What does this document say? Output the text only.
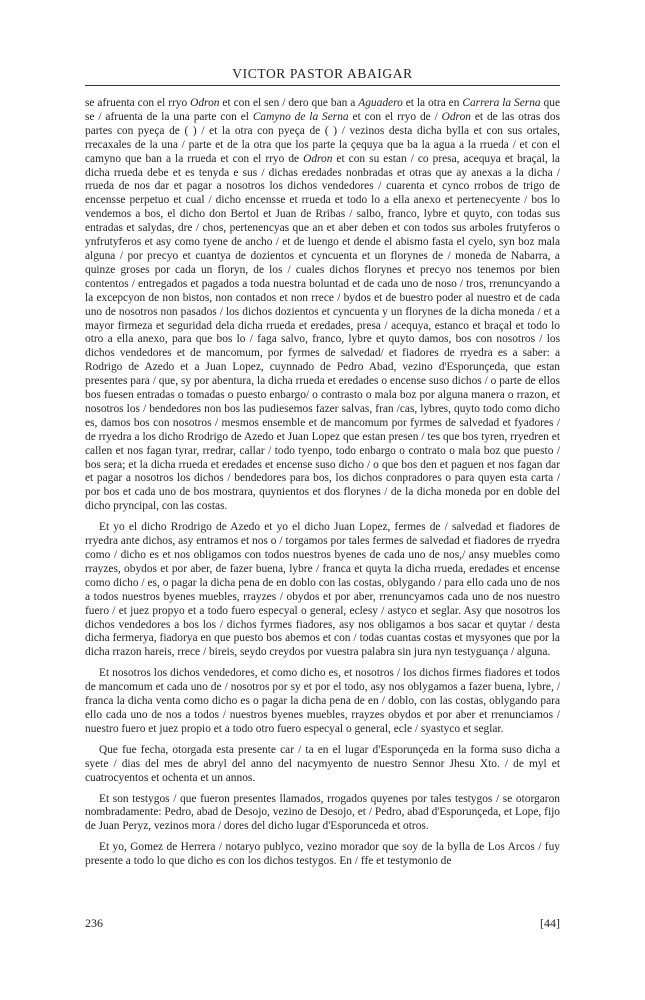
VICTOR PASTOR ABAIGAR

se afruenta con el rryo Odron et con el sen / dero que ban a Aguadero et la otra en Carrera la Serna que se / afruenta de la una parte con el Camyno de la Serna et con el rryo de / Odron et de las otras dos partes con pyeça de ( ) / et la otra con pyeça de ( ) / vezinos desta dicha bylla et con sus ortales, rrecaxales de la una / parte et de la otra que los parte la çequya que ba la agua a la rrueda / et con el camyno que ban a la rrueda et con el rryo de Odron et con su estan / co presa, acequya et braçal, la dicha rrueda debe et es tenyda e sus / dichas eredades nonbradas et otras que ay anexas a la dicha / rrueda de nos dar et pagar a nosotros los dichos vendedores / cuarenta et cynco rrobos de trigo de encensse perpetuo et cual / dicho encensse et rrueda et todo lo a ella anexo et pertenecyente / bos lo vendemos a bos, el dicho don Bertol et Juan de Rribas / salbo, franco, lybre et quyto, con todas sus entradas et salydas, dre / chos, pertenencyas que an et aber deben et con todos sus arboles frutyferos o ynfrutyferos et asy como tyene de ancho / et de luengo et dende el abismo fasta el cyelo, syn boz mala alguna / por precyo et cuantya de dozientos et cyncuenta et un florynes de / moneda de Nabarra, a quinze groses por cada un floryn, de los / cuales dichos florynes et precyo nos tenemos por bien contentos / entregados et pagados a toda nuestra boluntad et de cada uno de noso / tros, rrenuncyando a la excepcyon de non bistos, non contados et non rrece / bydos et de buestro poder al nuestro et de cada uno de nosotros non pasados / los dichos dozientos et cyncuenta y un florynes de la dicha moneda / et a mayor firmeza et seguridad dela dicha rrueda et eredades, presa / acequya, estanco et braçal et todo lo otro a ella anexo, para que bos lo / faga salvo, franco, lybre et quyto damos, bos con nosotros / los dichos vendedores et de mancomum, por fyrmes de salvedad/ et fiadores de rryedra es a saber: a Rodrigo de Azedo et a Juan Lopez, cuynnado de Pedro Abad, vezino d'Esporunçeda, que estan presentes para / que, sy por abentura, la dicha rrueda et eredades o encense suso dichos / o parte de ellos bos fuesen entradas o tomadas o puesto enbargo/ o contrasto o mala boz por alguna manera o rrazon, et nosotros los / bendedores non bos las pudiesemos fazer salvas, fran /cas, lybres, quyto todo como dicho es, damos bos con nosotros / mesmos ensemble et de mancomum por fyrmes de salvedad et fyadores / de rryedra a los dicho Rrodrigo de Azedo et Juan Lopez que estan presen / tes que bos tyren, rryedren et callen et nos fagan tyrar, rredrar, callar / todo tyenpo, todo enbargo o contrato o mala boz que puesto / bos sera; et la dicha rrueda et eredades et encense suso dicho / o que bos den et paguen et nos fagan dar et pagar a nosotros los dichos / bendedores para bos, los dichos conpradores o para quyen esta carta / por bos et cada uno de bos mostrara, quynientos et dos florynes / de la dicha moneda por en doble del dicho pryncipal, con las costas.

Et yo el dicho Rrodrigo de Azedo et yo el dicho Juan Lopez, fermes de / salvedad et fiadores de rryedra ante dichos, asy entramos et nos o / torgamos por tales fermes de salvedad et fiadores de rryedra como / dicho es et nos obligamos con todos nuestros byenes de cada uno de nos,/ ansy muebles como rrayzes, obydos et por aber, de fazer buena, lybre / franca et quyta la dicha rrueda, eredades et encense como dicho / es, o pagar la dicha pena de en doblo con las costas, oblygando / para ello cada uno de nos a todos nuestros byenes muebles, rrayzes / obydos et por aber, rrenuncyamos cada uno de nos nuestro fuero / et juez propyo et a todo fuero especyal o general, eclesy / astyco et seglar. Asy que nosotros los dichos vendedores a bos los / dichos fyrmes fiadores, asy nos obligamos a bos sacar et quytar / desta dicha fermerya, fiadorya en que puesto bos abemos et con / todas cuantas costas et mysyones que por la dicha rrazon hareis, rrece / bireis, seydo creydos por vuestra palabra sin jura nyn testyguança / alguna.

Et nosotros los dichos vendedores, et como dicho es, et nosotros / los dichos firmes fiadores et todos de mancomum et cada uno de / nosotros por sy et por el todo, asy nos oblygamos a fazer buena, lybre, / franca la dicha venta como dicho es o pagar la dicha pena de en / doblo, con las costas, oblygando para ello cada uno de nos a todos / nuestros byenes muebles, rrayzes obydos et por aber et rrenunciamos / nuestro fuero et juez propio et a todo otro fuero especyal o general, ecle / syastyco et seglar.

Que fue fecha, otorgada esta presente car / ta en el lugar d'Esporunçeda en la forma suso dicha a syete / dias del mes de abryl del anno del nacymyento de nuestro Sennor Jhesu Xto. / de myl et cuatrocyentos et ochenta et un annos.

Et son testygos / que fueron presentes llamados, rrogados quyenes por tales testygos / se otorgaron nombradamente: Pedro, abad de Desojo, vezino de Desojo, et / Pedro, abad d'Esporunçeda, et Lope, fijo de Juan Peryz, vezinos mora / dores del dicho lugar d'Esporunceda et otros.

Et yo, Gomez de Herrera / notaryo publyco, vezino morador que soy de la bylla de Los Arcos / fuy presente a todo lo que dicho es con los dichos testygos. En / ffe et testymonio de

236	[44]
